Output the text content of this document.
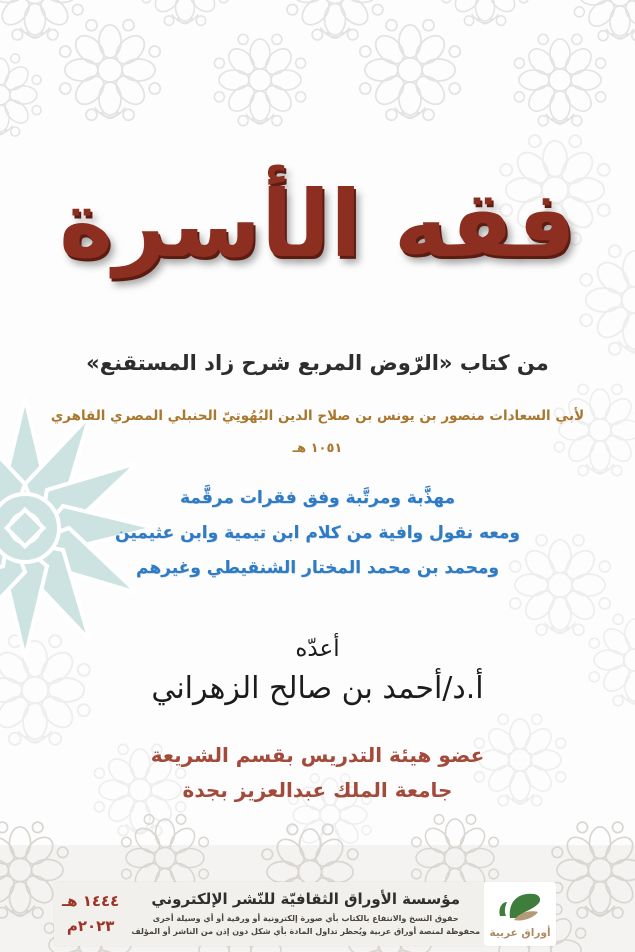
فقه الأسرة
من كتاب «الرّوض المربع شرح زاد المستقنع»
لأبي السعادات منصور بن يونس بن صلاح الدين البُهُوتِيّ الحنبلي المصري القاهري
١٠٥١ هـ
مهذَّبة ومرتَّبة وفق فقرات مرقَّمة
ومعه نقول وافية من كلام ابن تيمية وابن عثيمين
ومحمد بن محمد المختار الشنقيطي وغيرهم
أعدّه
أ.د/أحمد بن صالح الزهراني
عضو هيئة التدريس بقسم الشريعة
جامعة الملك عبدالعزيز بجدة
١٤٤٤ هـ
٢٠٢٣م
مؤسسة الأوراق الثقافيّة للنّشر الإلكتروني
حقوق النسخ والانتفاع بالكتاب بأي صورة إلكترونية أو ورقية أو أي وسيلة أخرى
محفوظة لمنصة أوراق عربية ويُحظر تداول المادة بأي شكل دون إذن من الناشر أو المؤلف أوراق عربية
